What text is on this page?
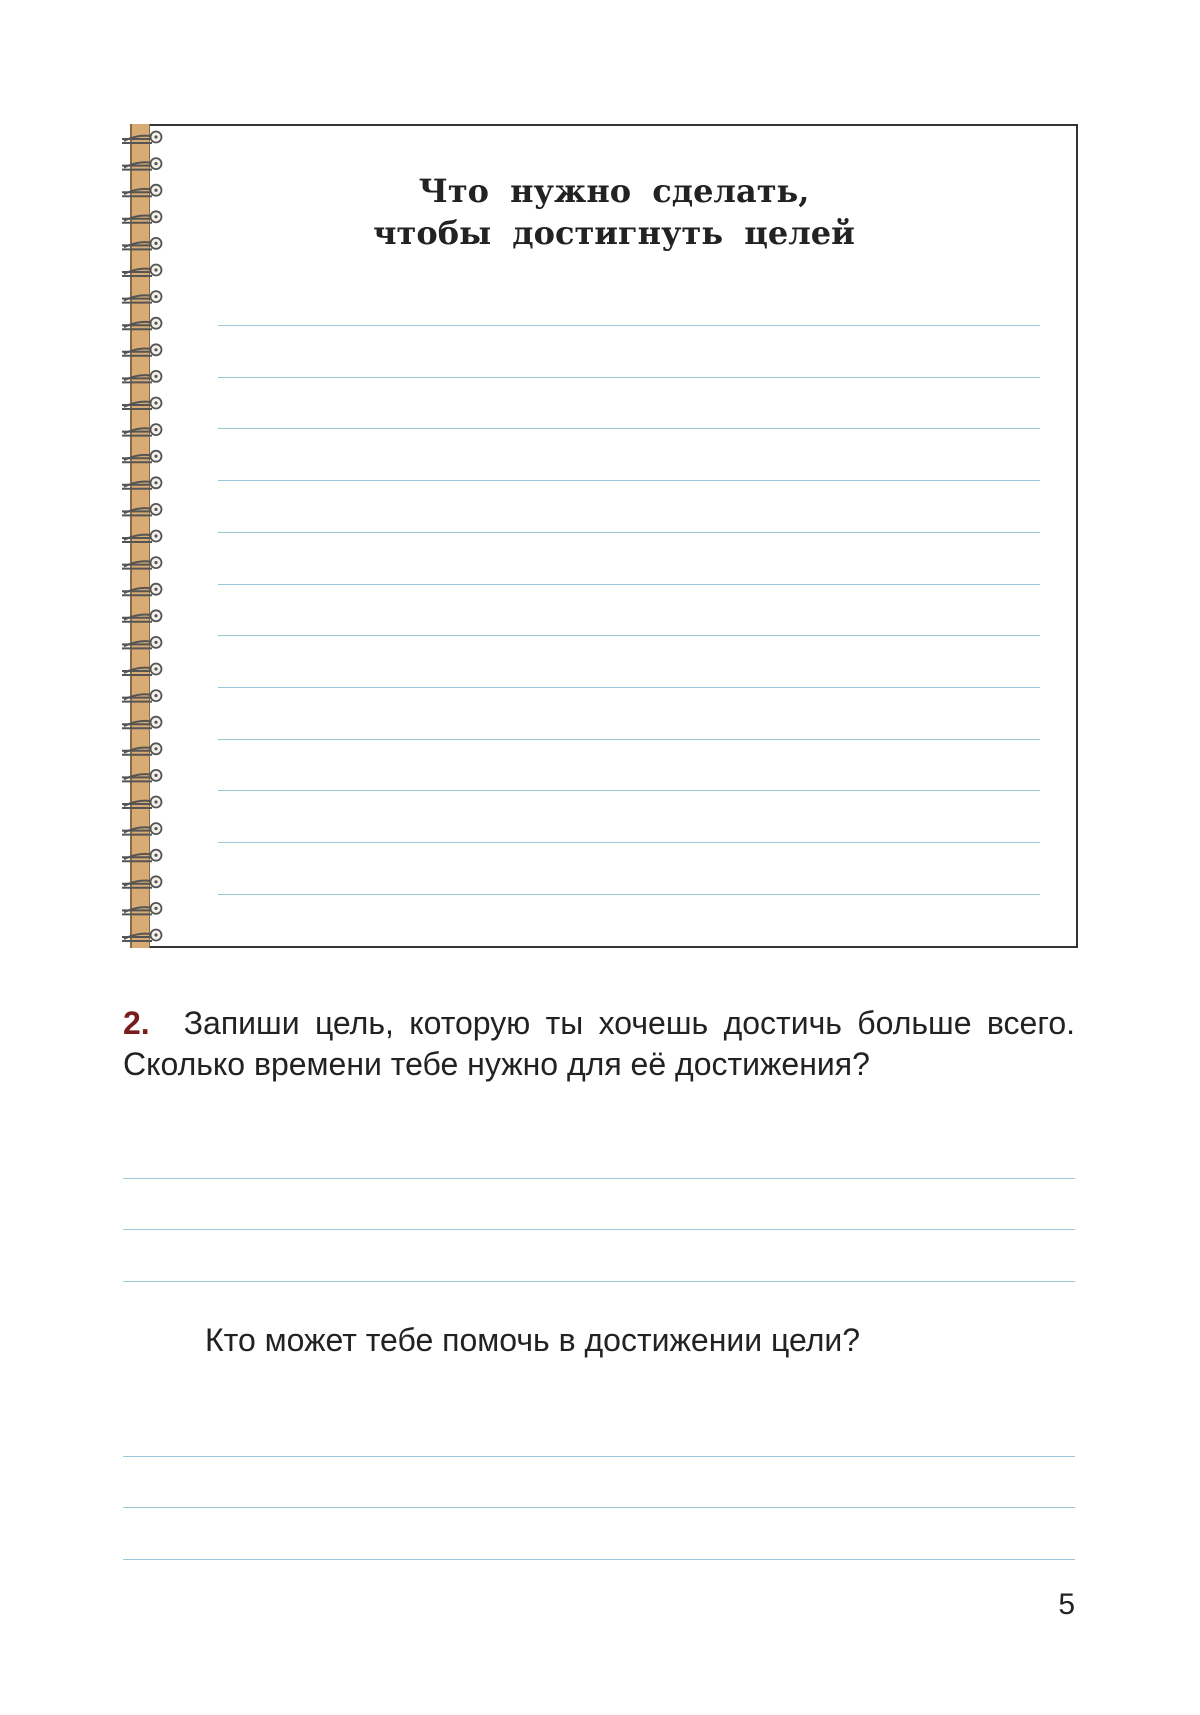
Что нужно сделать,
чтобы достигнуть целей
2. Запиши цель, которую ты хочешь достичь больше всего. Сколько времени тебе нужно для её достижения?
Кто может тебе помочь в достижении цели?
5
